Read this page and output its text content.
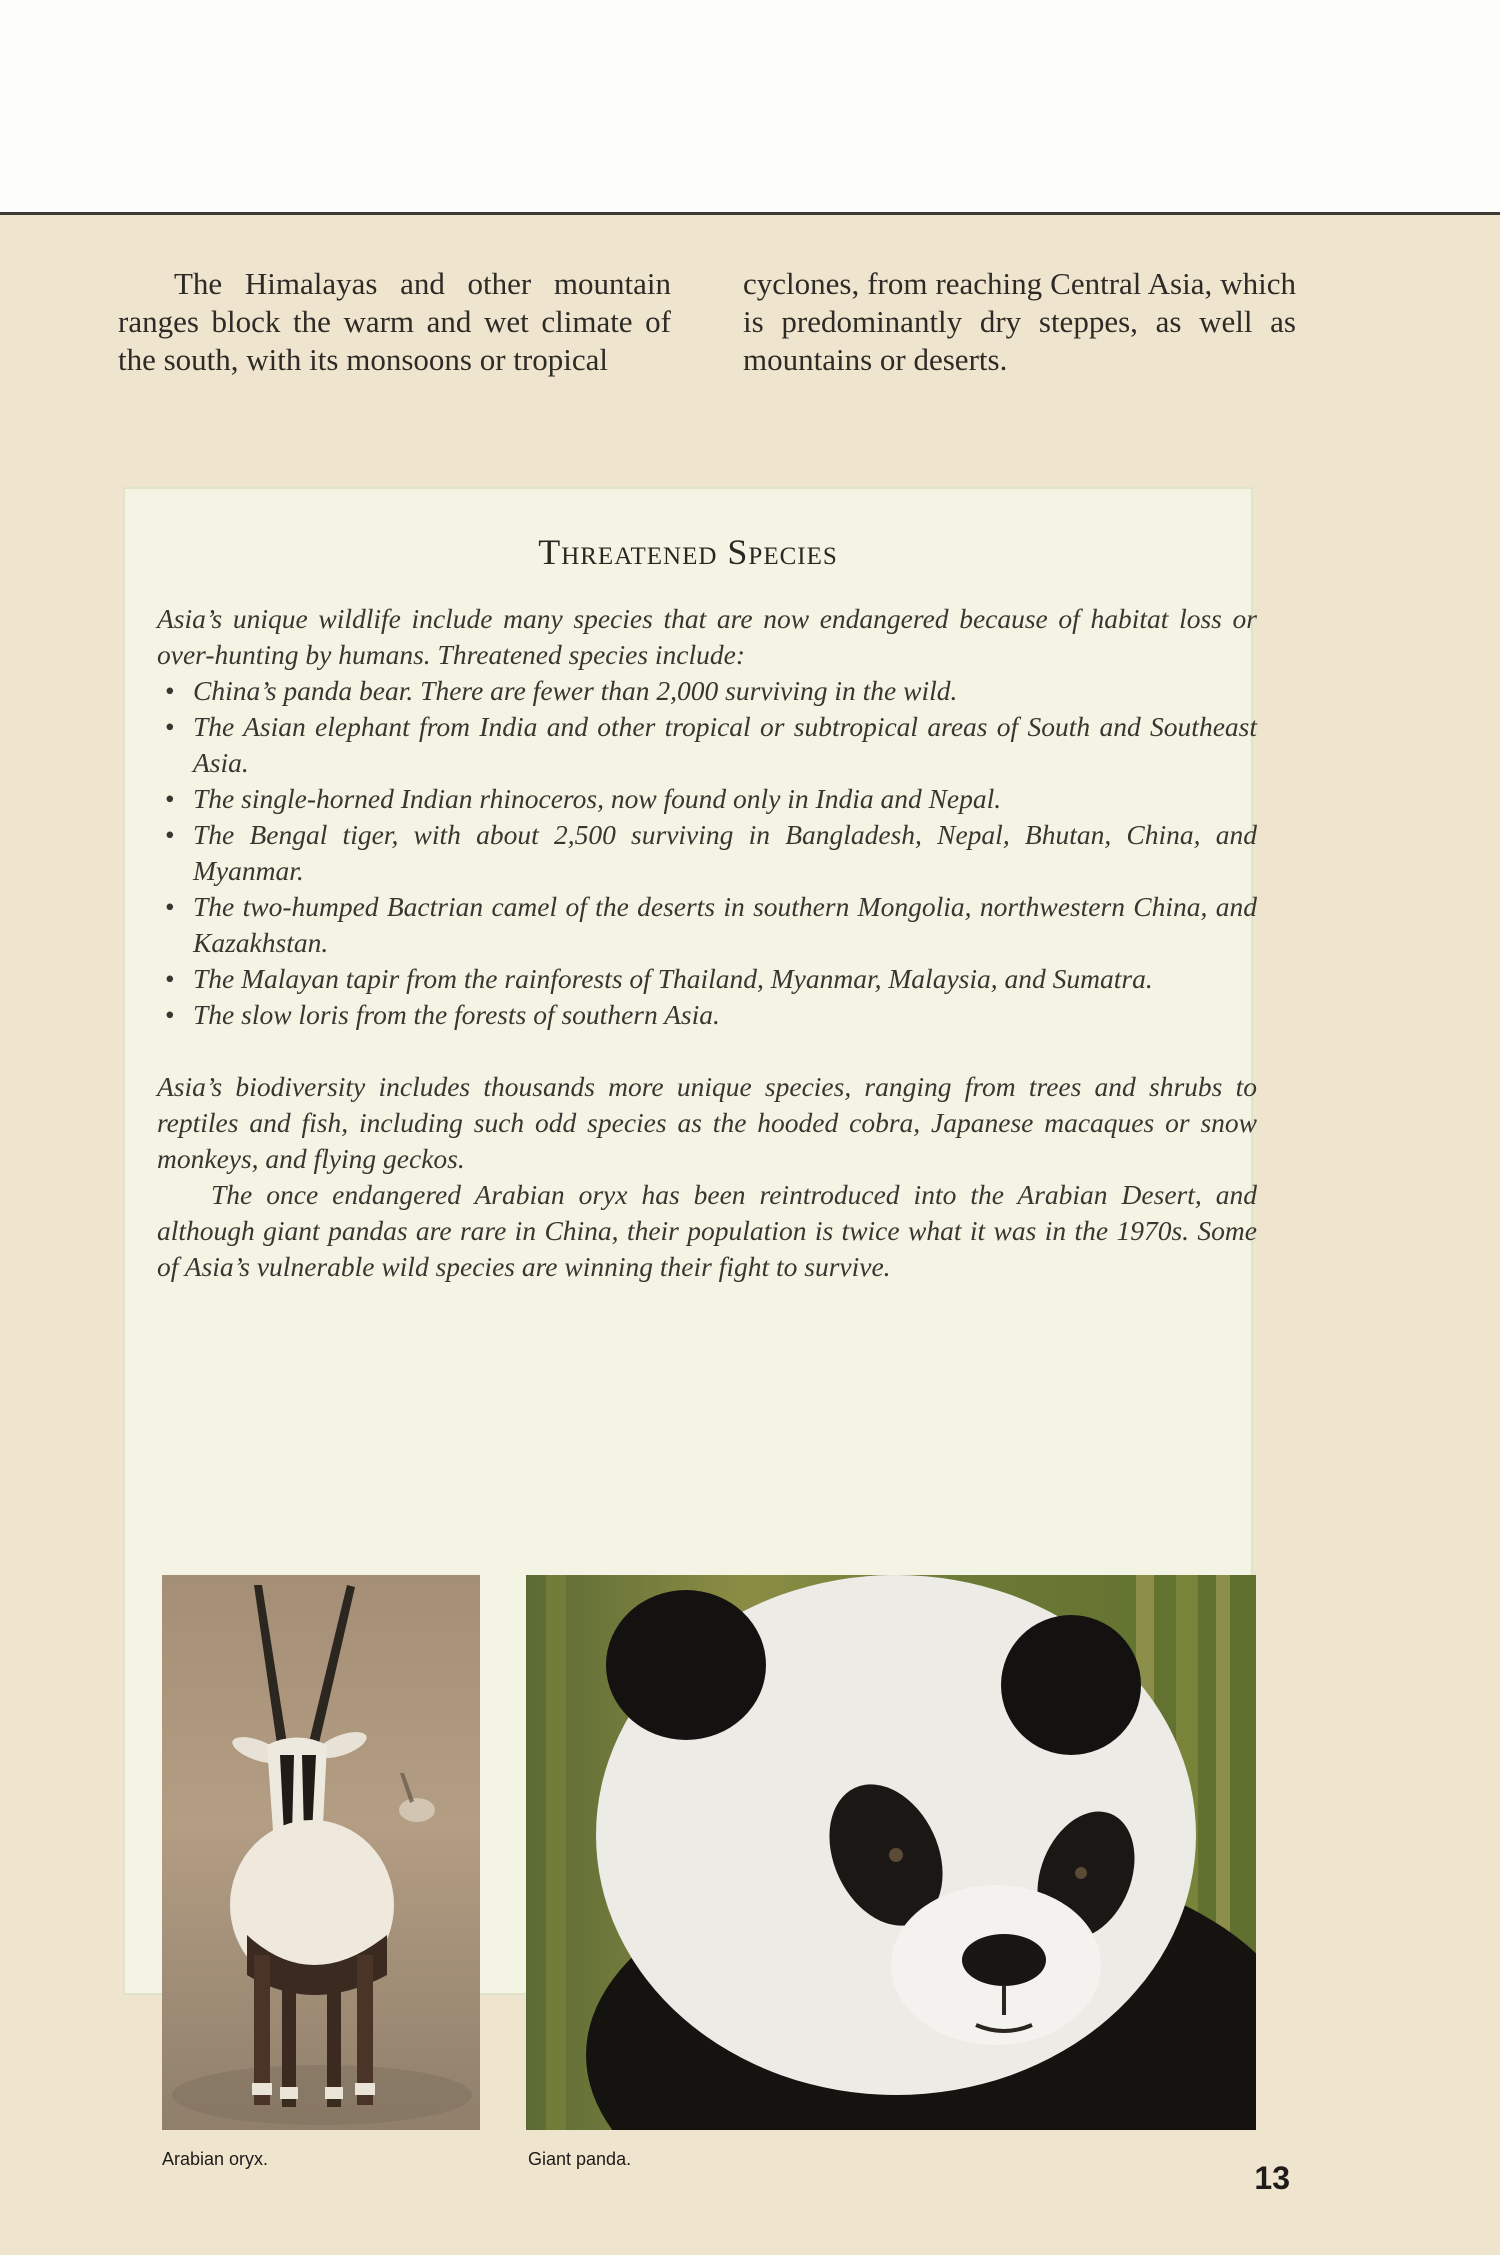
The Himalayas and other mountain ranges block the warm and wet climate of the south, with its monsoons or tropical
cyclones, from reaching Central Asia, which is predominantly dry steppes, as well as mountains or deserts.
Threatened Species

Asia’s unique wildlife include many species that are now endangered because of habitat loss or over-hunting by humans. Threatened species include:

• China’s panda bear. There are fewer than 2,000 surviving in the wild.
• The Asian elephant from India and other tropical or subtropical areas of South and Southeast Asia.
• The single-horned Indian rhinoceros, now found only in India and Nepal.
• The Bengal tiger, with about 2,500 surviving in Bangladesh, Nepal, Bhutan, China, and Myanmar.
• The two-humped Bactrian camel of the deserts in southern Mongolia, northwestern China, and Kazakhstan.
• The Malayan tapir from the rainforests of Thailand, Myanmar, Malaysia, and Sumatra.
• The slow loris from the forests of southern Asia.

Asia’s biodiversity includes thousands more unique species, ranging from trees and shrubs to reptiles and fish, including such odd species as the hooded cobra, Japanese macaques or snow monkeys, and flying geckos.

The once endangered Arabian oryx has been reintroduced into the Arabian Desert, and although giant pandas are rare in China, their population is twice what it was in the 1970s. Some of Asia’s vulnerable wild species are winning their fight to survive.

Arabian oryx.	Giant panda.
13
